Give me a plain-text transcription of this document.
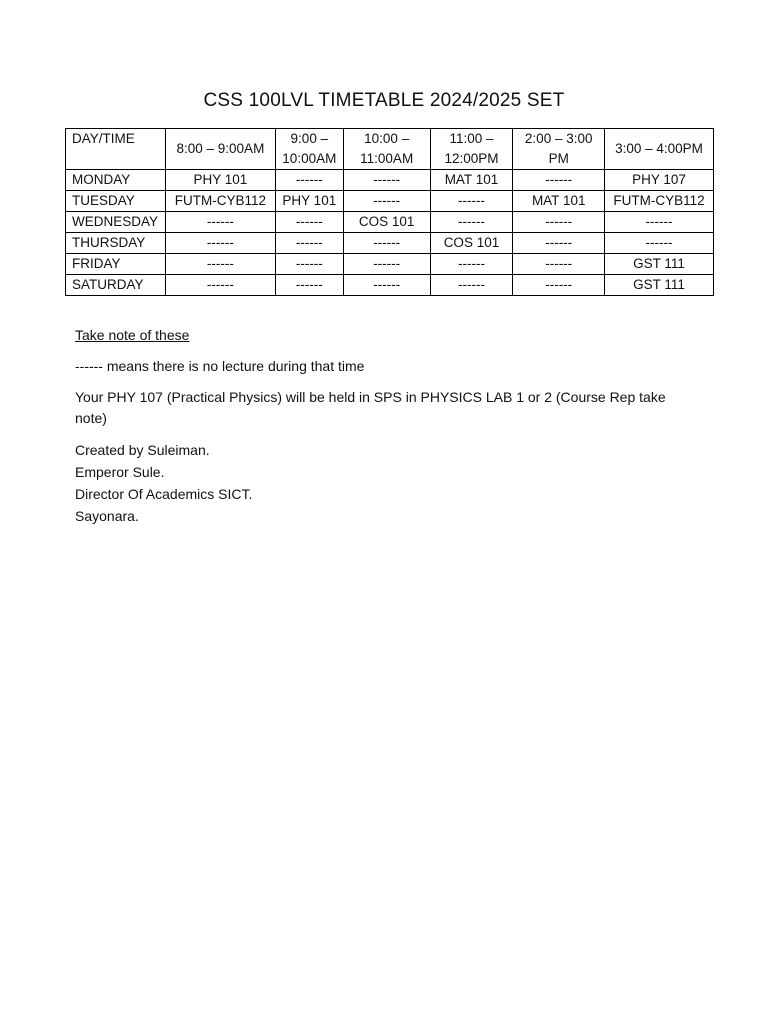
CSS 100LVL TIMETABLE 2024/2025 SET
DAY/TIME	8:00 – 9:00AM	9:00 – 10:00AM	10:00 – 11:00AM	11:00 – 12:00PM	2:00 – 3:00 PM	3:00 – 4:00PM
MONDAY	PHY 101	------	------	MAT 101	------	PHY 107
TUESDAY	FUTM-CYB112	PHY 101	------	------	MAT 101	FUTM-CYB112
WEDNESDAY	------	------	COS 101	------	------	------
THURSDAY	------	------	------	COS 101	------	------
FRIDAY	------	------	------	------	------	GST 111
SATURDAY	------	------	------	------	------	GST 111

Take note of these

------ means there is no lecture during that time

Your PHY 107 (Practical Physics) will be held in SPS in PHYSICS LAB 1 or 2 (Course Rep take note)

Created by Suleiman.
Emperor Sule.
Director Of Academics SICT.
Sayonara.
